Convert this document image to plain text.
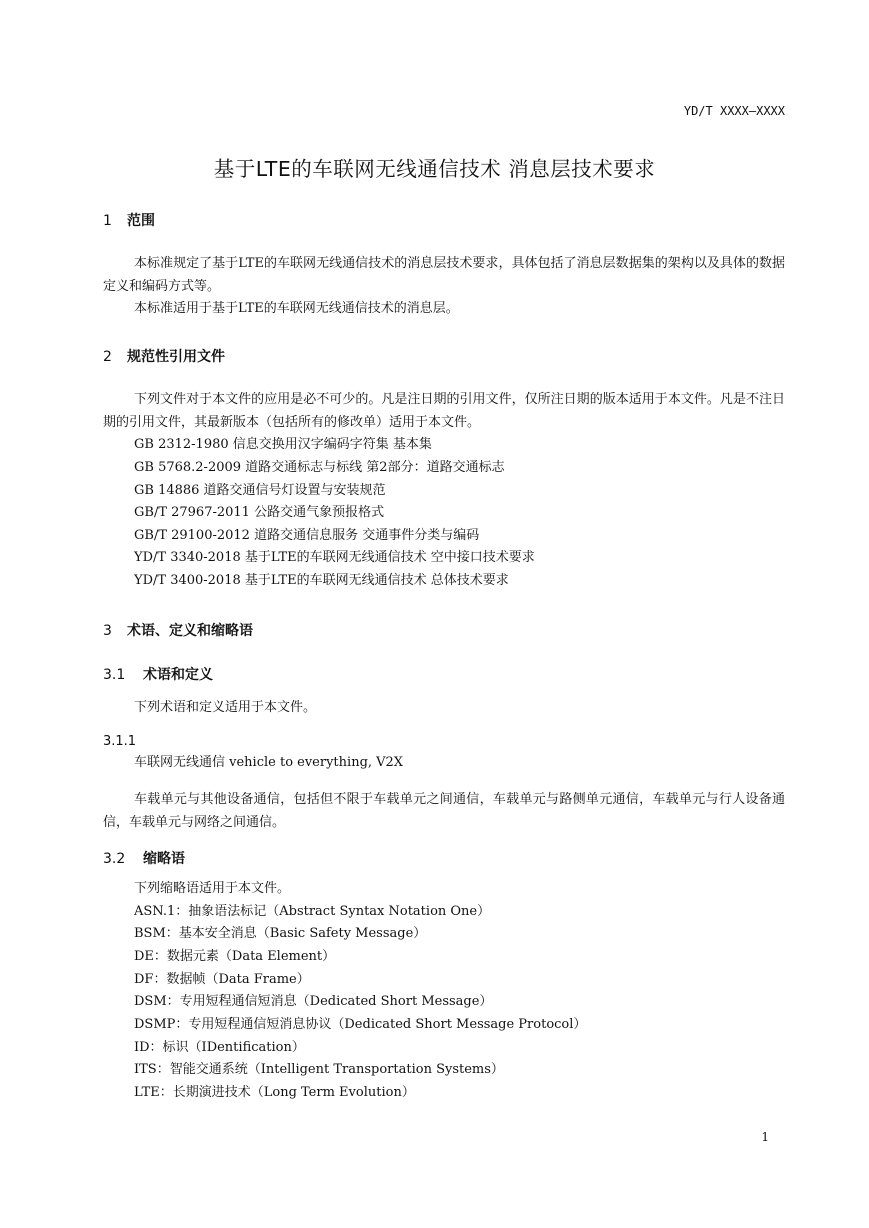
YD/T XXXX—XXXX
基于LTE的车联网无线通信技术 消息层技术要求
1 范围
本标准规定了基于LTE的车联网无线通信技术的消息层技术要求，具体包括了消息层数据集的架构以及具体的数据定义和编码方式等。
本标准适用于基于LTE的车联网无线通信技术的消息层。
2 规范性引用文件
下列文件对于本文件的应用是必不可少的。凡是注日期的引用文件，仅所注日期的版本适用于本文件。凡是不注日期的引用文件，其最新版本（包括所有的修改单）适用于本文件。
GB 2312-1980 信息交换用汉字编码字符集 基本集
GB 5768.2-2009 道路交通标志与标线 第2部分：道路交通标志
GB 14886 道路交通信号灯设置与安装规范
GB/T 27967-2011 公路交通气象预报格式
GB/T 29100-2012 道路交通信息服务 交通事件分类与编码
YD/T 3340-2018 基于LTE的车联网无线通信技术 空中接口技术要求
YD/T 3400-2018 基于LTE的车联网无线通信技术 总体技术要求
3 术语、定义和缩略语
3.1 术语和定义
下列术语和定义适用于本文件。
3.1.1
车联网无线通信 vehicle to everything, V2X
车载单元与其他设备通信，包括但不限于车载单元之间通信，车载单元与路侧单元通信，车载单元与行人设备通信，车载单元与网络之间通信。
3.2 缩略语
下列缩略语适用于本文件。
ASN.1：抽象语法标记（Abstract Syntax Notation One）
BSM：基本安全消息（Basic Safety Message）
DE：数据元素（Data Element）
DF：数据帧（Data Frame）
DSM：专用短程通信短消息（Dedicated Short Message）
DSMP：专用短程通信短消息协议（Dedicated Short Message Protocol）
ID：标识（IDentification）
ITS：智能交通系统（Intelligent Transportation Systems）
LTE：长期演进技术（Long Term Evolution）
1
